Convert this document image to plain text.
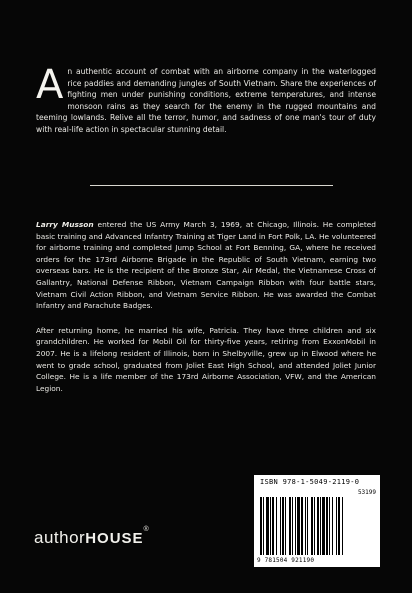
An authentic account of combat with an airborne company in the waterlogged rice paddies and demanding jungles of South Vietnam. Share the experiences of fighting men under punishing conditions, extreme temperatures, and intense monsoon rains as they search for the enemy in the rugged mountains and teeming lowlands. Relive all the terror, humor, and sadness of one man's tour of duty with real-life action in spectacular stunning detail.

Larry Musson entered the US Army March 3, 1969, at Chicago, Illinois. He completed basic training and Advanced Infantry Training at Tiger Land in Fort Polk, LA. He volunteered for airborne training and completed Jump School at Fort Benning, GA, where he received orders for the 173rd Airborne Brigade in the Republic of South Vietnam, earning two overseas bars. He is the recipient of the Bronze Star, Air Medal, the Vietnamese Cross of Gallantry, National Defense Ribbon, Vietnam Campaign Ribbon with four battle stars, Vietnam Civil Action Ribbon, and Vietnam Service Ribbon. He was awarded the Combat Infantry and Parachute Badges.

After returning home, he married his wife, Patricia. They have three children and six grandchildren. He worked for Mobil Oil for thirty-five years, retiring from ExxonMobil in 2007. He is a lifelong resident of Illinois, born in Shelbyville, grew up in Elwood where he went to grade school, graduated from Joliet East High School, and attended Joliet Junior College. He is a life member of the 173rd Airborne Association, VFW, and the American Legion.

authorHOUSE®
ISBN 978-1-5049-2119-0
53199
9 781504 921190
